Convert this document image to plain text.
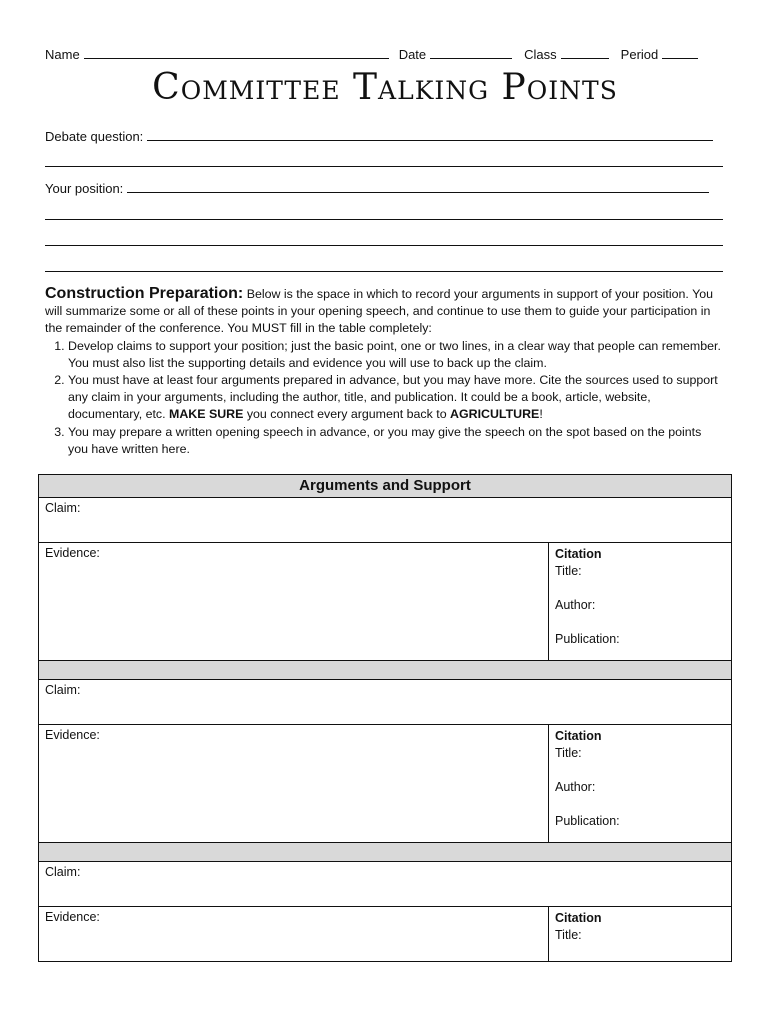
Name	Date	Class	Period
Committee Talking Points
Debate question:
Your position:
Construction Preparation: Below is the space in which to record your arguments in support of your position. You will summarize some or all of these points in your opening speech, and continue to use them to guide your participation in the remainder of the conference. You MUST fill in the table completely:
1. Develop claims to support your position; just the basic point, one or two lines, in a clear way that people can remember. You must also list the supporting details and evidence you will use to back up the claim.
2. You must have at least four arguments prepared in advance, but you may have more. Cite the sources used to support any claim in your arguments, including the author, title, and publication. It could be a book, article, website, documentary, etc. MAKE SURE you connect every argument back to AGRICULTURE!
3. You may prepare a written opening speech in advance, or you may give the speech on the spot based on the points you have written here.
Arguments and Support
Claim:
Evidence:	Citation
Title:
Author:
Publication:
Claim:
Evidence:	Citation
Title:
Author:
Publication:
Claim:
Evidence:	Citation
Title:
